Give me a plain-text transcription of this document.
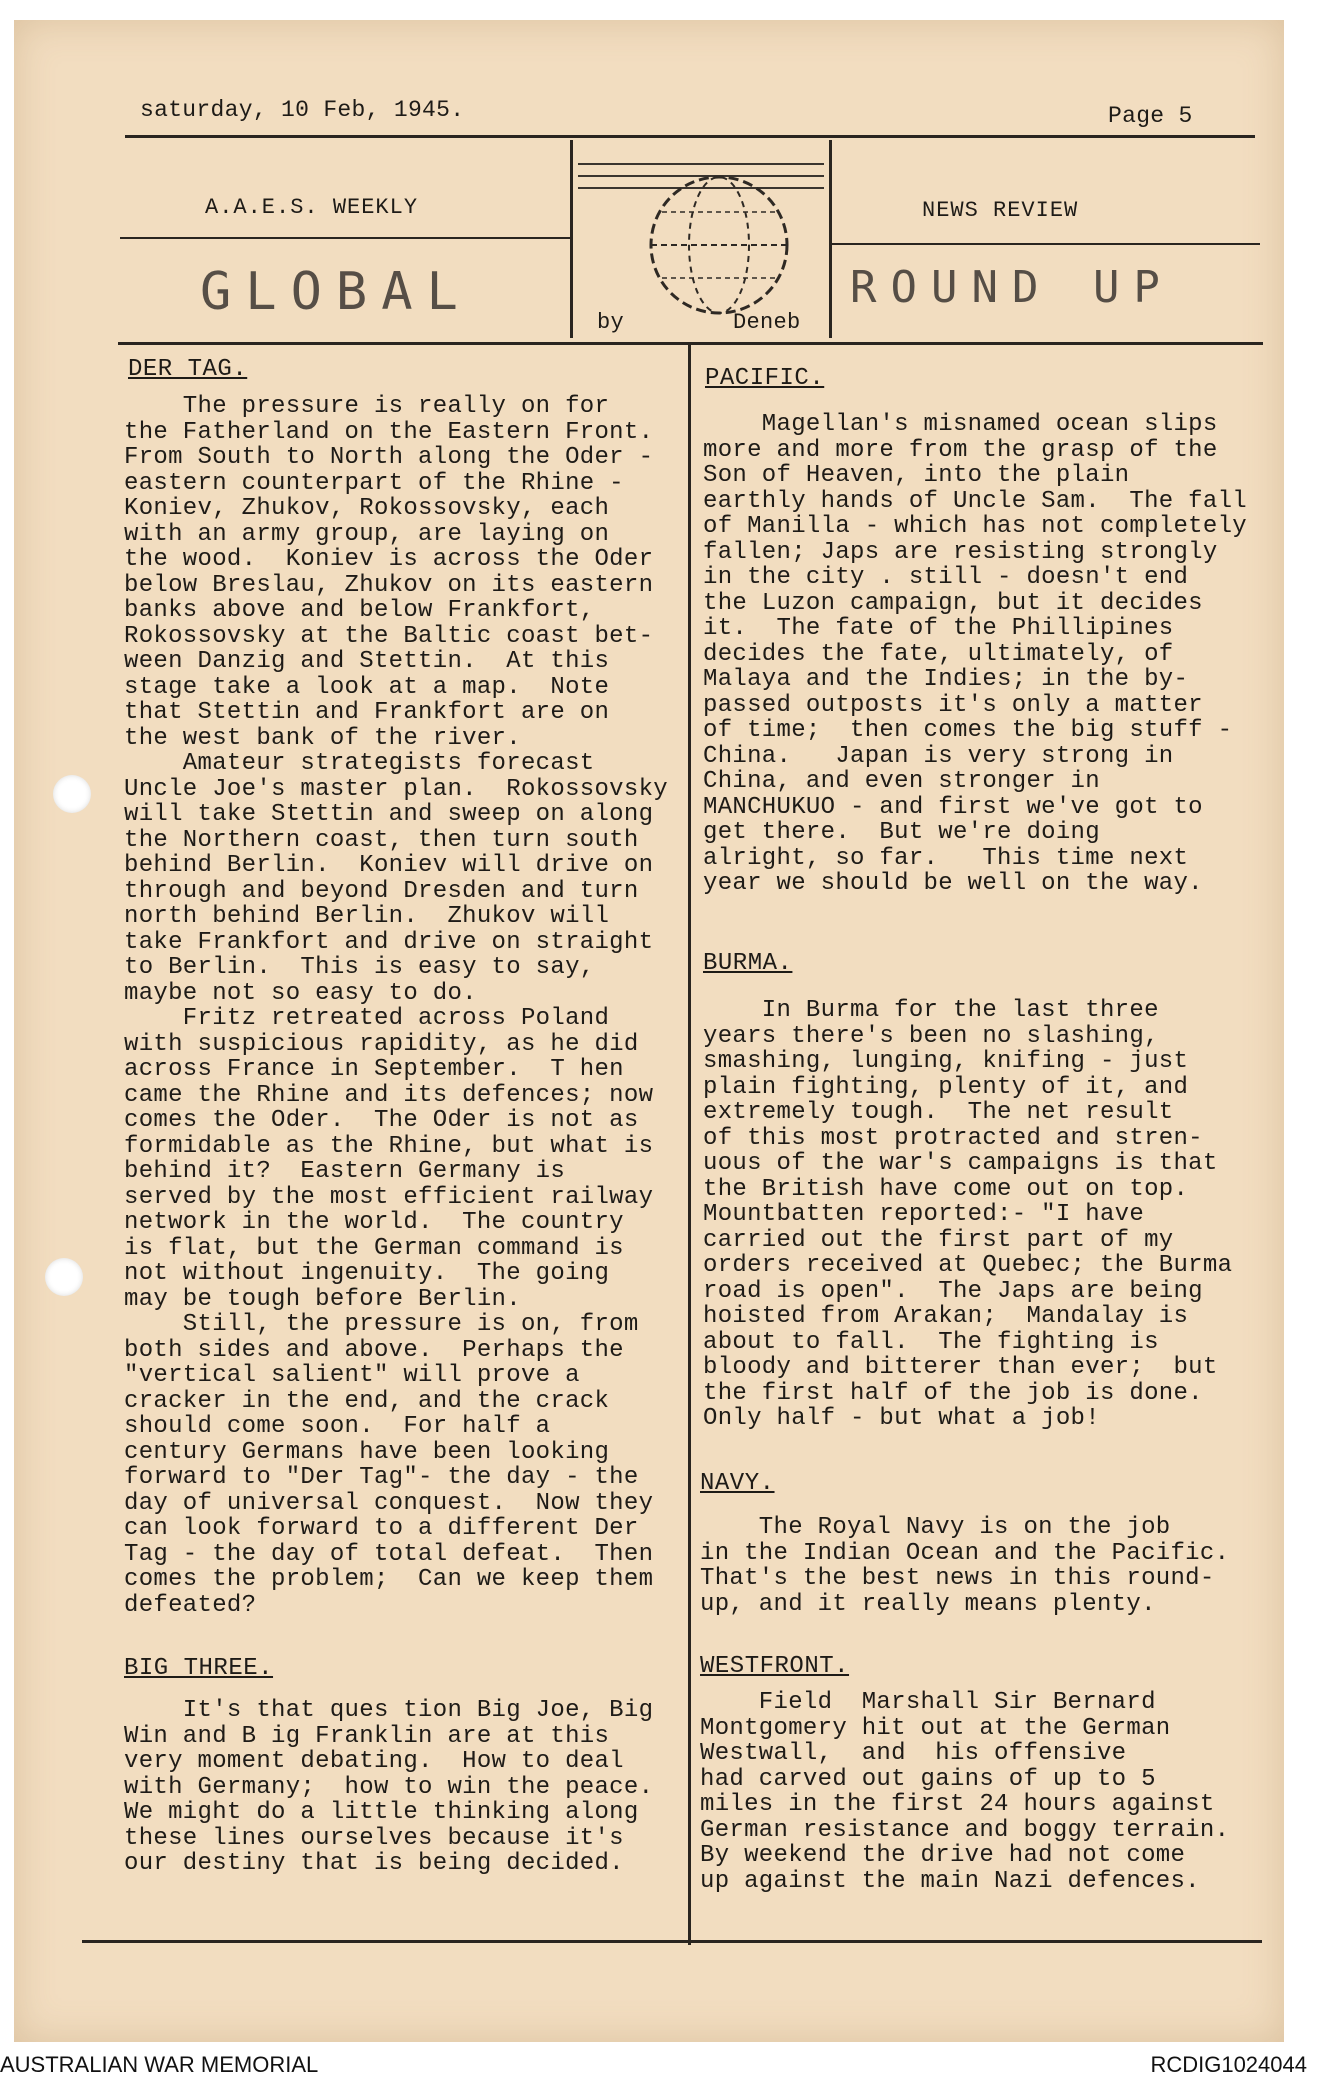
saturday, 10 Feb, 1945.	Page 5
A.A.E.S. WEEKLY	NEWS REVIEW
GLOBAL	ROUND UP
by	Deneb
DER TAG.
The pressure is really on for
the Fatherland on the Eastern Front.
From South to North along the Oder -
eastern counterpart of the Rhine -
Koniev, Zhukov, Rokossovsky, each
with an army group, are laying on
the wood.  Koniev is across the Oder
below Breslau, Zhukov on its eastern
banks above and below Frankfort,
Rokossovsky at the Baltic coast bet-
ween Danzig and Stettin.  At this
stage take a look at a map.  Note
that Stettin and Frankfort are on
the west bank of the river.
Amateur strategists forecast
Uncle Joe's master plan.  Rokossovsky
will take Stettin and sweep on along
the Northern coast, then turn south
behind Berlin.  Koniev will drive on
through and beyond Dresden and turn
north behind Berlin.  Zhukov will
take Frankfort and drive on straight
to Berlin.  This is easy to say,
maybe not so easy to do.
Fritz retreated across Poland
with suspicious rapidity, as he did
across France in September.  T hen
came the Rhine and its defences; now
comes the Oder.  The Oder is not as
formidable as the Rhine, but what is
behind it?  Eastern Germany is
served by the most efficient railway
network in the world.  The country
is flat, but the German command is
not without ingenuity.  The going
may be tough before Berlin.
Still, the pressure is on, from
both sides and above.  Perhaps the
"vertical salient" will prove a
cracker in the end, and the crack
should come soon.  For half a
century Germans have been looking
forward to "Der Tag"- the day - the
day of universal conquest.  Now they
can look forward to a different Der
Tag - the day of total defeat.  Then
comes the problem;  Can we keep them
defeated?
BIG THREE.
It's that ques tion Big Joe, Big
Win and B ig Franklin are at this
very moment debating.  How to deal
with Germany;  how to win the peace.
We might do a little thinking along
these lines ourselves because it's
our destiny that is being decided.
PACIFIC.
Magellan's misnamed ocean slips
more and more from the grasp of the
Son of Heaven, into the plain
earthly hands of Uncle Sam.  The fall
of Manilla - which has not completely
fallen; Japs are resisting strongly
in the city . still - doesn't end
the Luzon campaign, but it decides
it.  The fate of the Phillipines
decides the fate, ultimately, of
Malaya and the Indies; in the by-
passed outposts it's only a matter
of time;  then comes the big stuff -
China.   Japan is very strong in
China, and even stronger in
MANCHUKUO - and first we've got to
get there.  But we're doing
alright, so far.   This time next
year we should be well on the way.
BURMA.
In Burma for the last three
years there's been no slashing,
smashing, lunging, knifing - just
plain fighting, plenty of it, and
extremely tough.  The net result
of this most protracted and stren-
uous of the war's campaigns is that
the British have come out on top.
Mountbatten reported:- "I have
carried out the first part of my
orders received at Quebec; the Burma
road is open".  The Japs are being
hoisted from Arakan;  Mandalay is
about to fall.  The fighting is
bloody and bitterer than ever;  but
the first half of the job is done.
Only half - but what a job!
NAVY.
The Royal Navy is on the job
in the Indian Ocean and the Pacific.
That's the best news in this round-
up, and it really means plenty.
WESTFRONT.
Field  Marshall Sir Bernard
Montgomery hit out at the German
Westwall,  and  his offensive
had carved out gains of up to 5
miles in the first 24 hours against
German resistance and boggy terrain.
By weekend the drive had not come
up against the main Nazi defences.
AUSTRALIAN WAR MEMORIAL	RCDIG1024044
